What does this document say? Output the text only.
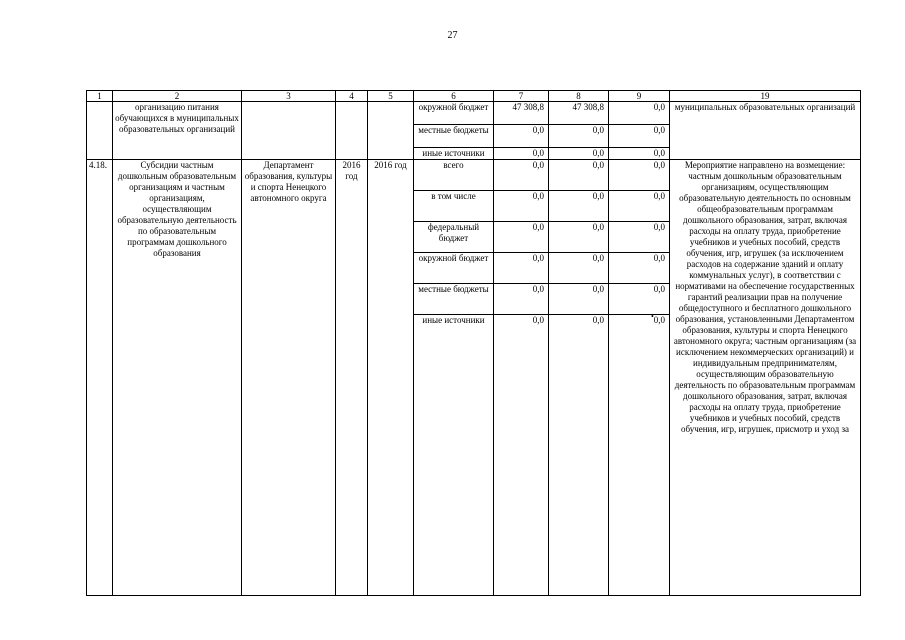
27
1	2	3	4	5	6	7	8	9	19
	организацию питания обучающихся в муниципальных образовательных организаций				окружной бюджет	47 308,8	47 308,8	0,0	муниципальных образовательных организаций
					местные бюджеты	0,0	0,0	0,0	
					иные источники	0,0	0,0	0,0	
4.18.	Субсидии частным дошкольным образовательным организациям и частным организациям, осуществляющим образовательную деятельность по образовательным программам дошкольного образования	Департамент образования, культуры и спорта Ненецкого автономного округа	2016 год	2016 год	всего	0,0	0,0	0,0	Мероприятие направлено на возмещение: частным дошкольным образовательным организациям, осуществляющим образовательную деятельность по основным общеобразовательным программам дошкольного образования, затрат, включая расходы на оплату труда, приобретение учебников и учебных пособий, средств обучения, игр, игрушек (за исключением расходов на содержание зданий и оплату коммунальных услуг), в соответствии с нормативами на обеспечение государственных гарантий реализации прав на получение общедоступного и бесплатного дошкольного образования, установленными Департаментом образования, культуры и спорта Ненецкого автономного округа; частным организациям (за исключением некоммерческих организаций) и индивидуальным предпринимателям, осуществляющим образовательную деятельность по образовательным программам дошкольного образования, затрат, включая расходы на оплату труда, приобретение учебников и учебных пособий, средств обучения, игр, игрушек, присмотр и уход за
					в том числе	0,0	0,0	0,0	
					федеральный бюджет	0,0	0,0	0,0	
					окружной бюджет	0,0	0,0	0,0	
					местные бюджеты	0,0	0,0	0,0	
					иные источники	0,0	0,0	0,0	
•
